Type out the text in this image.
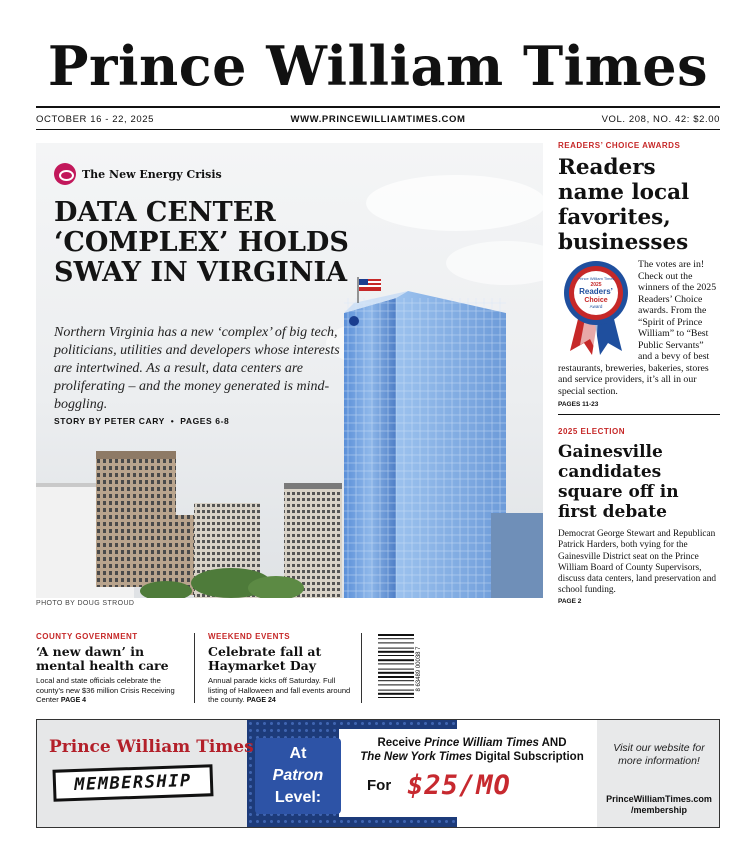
Prince William Times
OCTOBER 16 - 22, 2025	WWW.PRINCEWILLIAMTIMES.COM	VOL. 208, NO. 42: $2.00
The New Energy Crisis
DATA CENTER ‘COMPLEX’ HOLDS SWAY IN VIRGINIA
Northern Virginia has a new ‘complex’ of big tech, politicians, utilities and developers whose interests are intertwined. As a result, data centers are proliferating – and the money generated is mind-boggling.
STORY BY PETER CARY  •  PAGES 6-8
PHOTO BY DOUG STROUD
READERS’ CHOICE AWARDS
Readers name local favorites, businesses
Prince William Times
2025
Readers’
Choice
Award
The votes are in! Check out the winners of the 2025 Readers’ Choice awards. From the “Spirit of Prince William” to “Best Public Servants” and a bevy of best restaurants, breweries, bakeries, stores and service providers, it’s all in our special section.
PAGES 11-23
2025 ELECTION
Gainesville candidates square off in first debate
Democrat George Stewart and Republican Patrick Harders, both vying for the Gainesville District seat on the Prince William Board of County Supervisors, discuss data centers, land preservation and school funding.
PAGE 2
COUNTY GOVERNMENT
‘A new dawn’ in mental health care
Local and state officials celebrate the county’s new $36 million Crisis Receiving Center PAGE 4
WEEKEND EVENTS
Celebrate fall at Haymarket Day
Annual parade kicks off Saturday. Full listing of Halloween and fall events around the county. PAGE 24
8 63489 00038 7
Prince William Times
MEMBERSHIP
At
Patron
Level:
Receive Prince William Times AND
The New York Times Digital Subscription
For $25/MO
Visit our website for more information!
PrinceWilliamTimes.com
/membership
